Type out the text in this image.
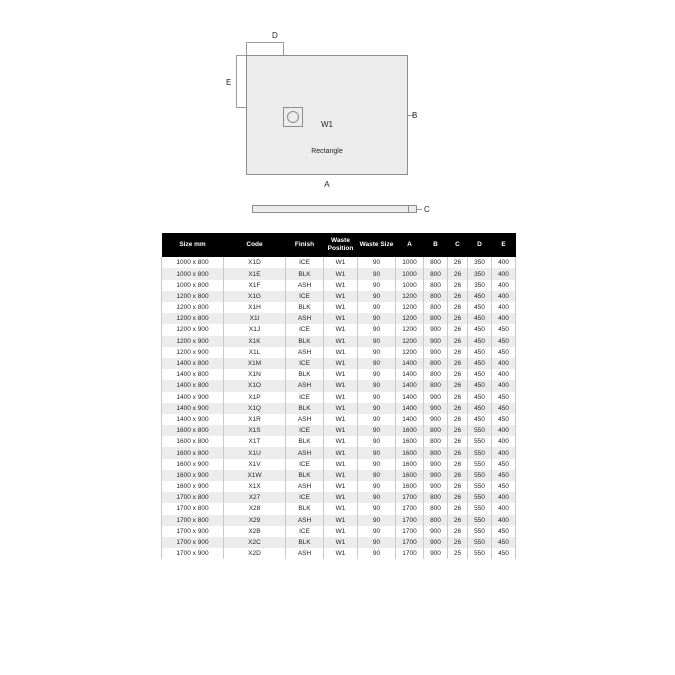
D
E
W1
Rectangle
B
A
C
Size mm	Code	Finish	Waste Position	Waste Size	A	B	C	D	E
1000 x 800	X1D	ICE	W1	90	1000	800	26	350	400
1000 x 800	X1E	BLK	W1	90	1000	800	26	350	400
1000 x 800	X1F	ASH	W1	90	1000	800	26	350	400
1200 x 800	X1G	ICE	W1	90	1200	800	26	450	400
1200 x 800	X1H	BLK	W1	90	1200	800	26	450	400
1200 x 800	X1I	ASH	W1	90	1200	800	26	450	400
1200 x 900	X1J	ICE	W1	90	1200	900	26	450	450
1200 x 900	X1K	BLK	W1	90	1200	900	26	450	450
1200 x 900	X1L	ASH	W1	90	1200	900	26	450	450
1400 x 800	X1M	ICE	W1	90	1400	800	26	450	400
1400 x 800	X1N	BLK	W1	90	1400	800	26	450	400
1400 x 800	X1O	ASH	W1	90	1400	800	26	450	400
1400 x 900	X1P	ICE	W1	90	1400	900	26	450	450
1400 x 900	X1Q	BLK	W1	90	1400	900	26	450	450
1400 x 900	X1R	ASH	W1	90	1400	900	26	450	450
1600 x 800	X1S	ICE	W1	90	1600	800	26	550	400
1600 x 800	X1T	BLK	W1	90	1600	800	26	550	400
1600 x 800	X1U	ASH	W1	90	1600	800	26	550	400
1600 x 900	X1V	ICE	W1	90	1600	900	26	550	450
1600 x 900	X1W	BLK	W1	90	1600	900	26	550	450
1600 x 900	X1X	ASH	W1	90	1600	900	26	550	450
1700 x 800	X27	ICE	W1	90	1700	800	26	550	400
1700 x 800	X28	BLK	W1	90	1700	800	26	550	400
1700 x 800	X29	ASH	W1	90	1700	800	26	550	400
1700 x 900	X2B	ICE	W1	90	1700	900	26	550	450
1700 x 900	X2C	BLK	W1	90	1700	900	26	550	450
1700 x 900	X2D	ASH	W1	90	1700	900	25	550	450
